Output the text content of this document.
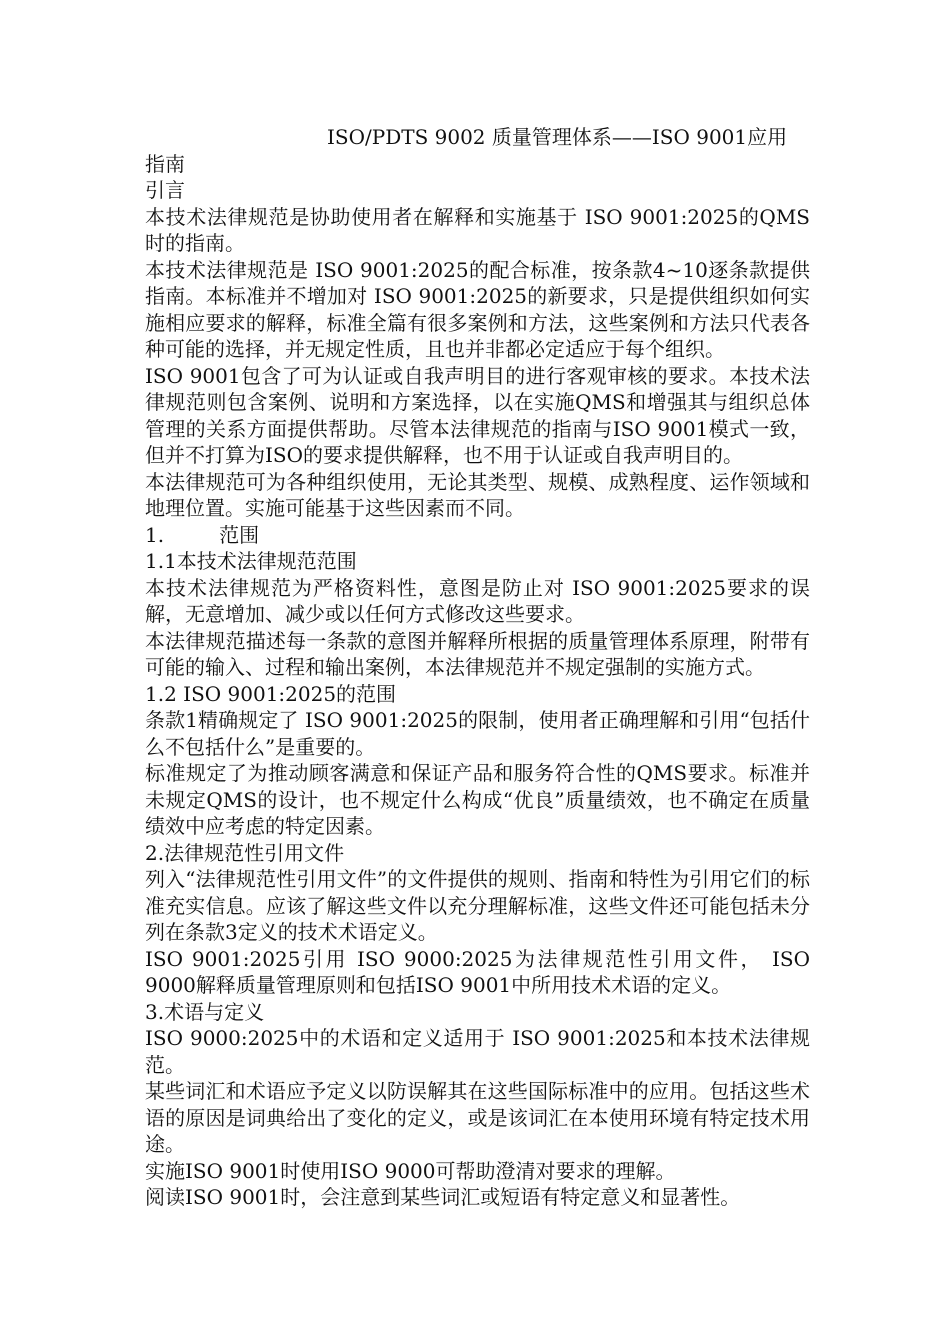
ISO/PDTS 9002 质量管理体系——ISO 9001应用

指南

引言

本技术法律规范是协助使用者在解释和实施基于 ISO 9001:2025的QMS时的指南。

本技术法律规范是 ISO 9001:2025的配合标准，按条款4~10逐条款提供指南。本标准并不增加对 ISO 9001:2025的新要求，只是提供组织如何实施相应要求的解释，标准全篇有很多案例和方法，这些案例和方法只代表各种可能的选择，并无规定性质，且也并非都必定适应于每个组织。

ISO 9001包含了可为认证或自我声明目的进行客观审核的要求。本技术法律规范则包含案例、说明和方案选择，以在实施QMS和增强其与组织总体管理的关系方面提供帮助。尽管本法律规范的指南与ISO 9001模式一致，但并不打算为ISO的要求提供解释，也不用于认证或自我声明目的。

本法律规范可为各种组织使用，无论其类型、规模、成熟程度、运作领域和地理位置。实施可能基于这些因素而不同。

1.	范围

1.1本技术法律规范范围

本技术法律规范为严格资料性，意图是防止对 ISO 9001:2025要求的误解，无意增加、减少或以任何方式修改这些要求。

本法律规范描述每一条款的意图并解释所根据的质量管理体系原理，附带有可能的输入、过程和输出案例，本法律规范并不规定强制的实施方式。

1.2 ISO 9001:2025的范围

条款1精确规定了 ISO 9001:2025的限制，使用者正确理解和引用“包括什么不包括什么”是重要的。

标准规定了为推动顾客满意和保证产品和服务符合性的QMS要求。标准并未规定QMS的设计，也不规定什么构成“优良”质量绩效，也不确定在质量绩效中应考虑的特定因素。

2.法律规范性引用文件

列入“法律规范性引用文件”的文件提供的规则、指南和特性为引用它们的标准充实信息。应该了解这些文件以充分理解标准，这些文件还可能包括未分列在条款3定义的技术术语定义。

ISO 9001:2025引用 ISO 9000:2025为法律规范性引用文件， ISO 9000解释质量管理原则和包括ISO 9001中所用技术术语的定义。

3.术语与定义

ISO 9000:2025中的术语和定义适用于 ISO 9001:2025和本技术法律规范。

某些词汇和术语应予定义以防误解其在这些国际标准中的应用。包括这些术语的原因是词典给出了变化的定义，或是该词汇在本使用环境有特定技术用途。

实施ISO 9001时使用ISO 9000可帮助澄清对要求的理解。

阅读ISO 9001时，会注意到某些词汇或短语有特定意义和显著性。
